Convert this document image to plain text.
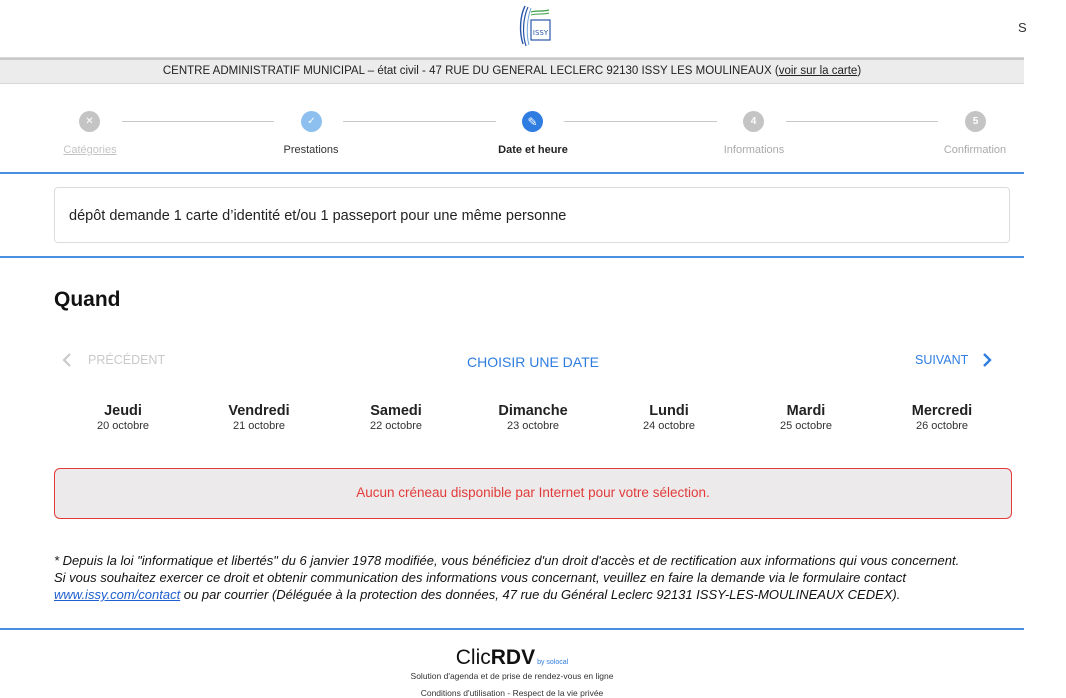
ISSY	S
CENTRE ADMINISTRATIF MUNICIPAL – état civil - 47 RUE DU GENERAL LECLERC 92130 ISSY LES MOULINEAUX (voir sur la carte)
✕
Catégories
✓
Prestations
✎
Date et heure
4
Informations
5
Confirmation
dépôt demande 1 carte d’identité et/ou 1 passeport pour une même personne
Quand
PRÉCÉDENT	CHOISIR UNE DATE	SUIVANT
Jeudi
20 octobre
Vendredi
21 octobre
Samedi
22 octobre
Dimanche
23 octobre
Lundi
24 octobre
Mardi
25 octobre
Mercredi
26 octobre
Aucun créneau disponible par Internet pour votre sélection.
* Depuis la loi "informatique et libertés" du 6 janvier 1978 modifiée, vous bénéficiez d'un droit d'accès et de rectification aux informations qui vous concernent.
Si vous souhaitez exercer ce droit et obtenir communication des informations vous concernant, veuillez en faire la demande via le formulaire contact
www.issy.com/contact ou par courrier (Déléguée à la protection des données, 47 rue du Général Leclerc 92131 ISSY-LES-MOULINEAUX CEDEX).
ClicRDV by solocal
Solution d'agenda et de prise de rendez-vous en ligne
Conditions d'utilisation - Respect de la vie privée
